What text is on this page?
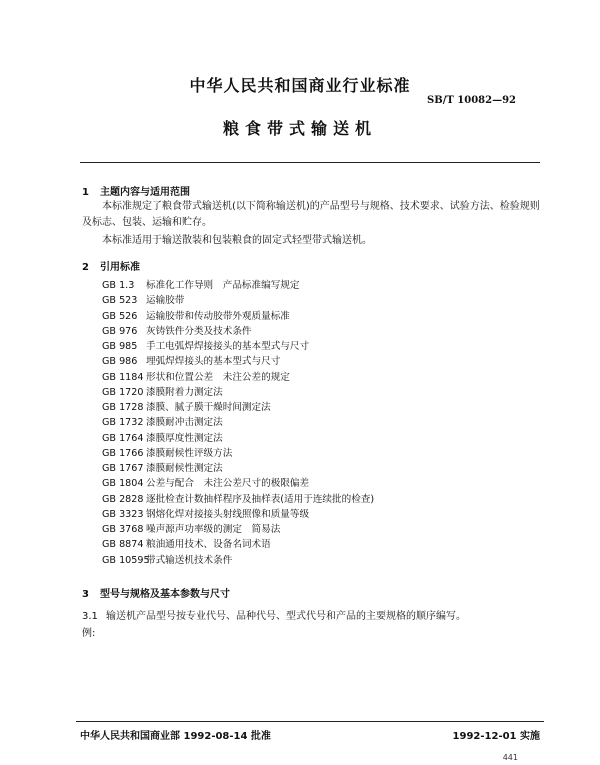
中华人民共和国商业行业标准
SB/T 10082—92
粮食带式输送机
1 主题内容与适用范围

本标准规定了粮食带式输送机(以下简称输送机)的产品型号与规格、技术要求、试验方法、检验规则及标志、包装、运输和贮存。

本标准适用于输送散装和包装粮食的固定式轻型带式输送机。

2 引用标准
GB 1.3 标准化工作导则　产品标准编写规定
GB 523 运输胶带
GB 526 运输胶带和传动胶带外观质量标准
GB 976 灰铸铁件分类及技术条件
GB 985 手工电弧焊焊接接头的基本型式与尺寸
GB 986 埋弧焊焊接头的基本型式与尺寸
GB 1184 形状和位置公差　未注公差的规定
GB 1720 漆膜附着力测定法
GB 1728 漆膜、腻子膜干燥时间测定法
GB 1732 漆膜耐冲击测定法
GB 1764 漆膜厚度性测定法
GB 1766 漆膜耐候性评级方法
GB 1767 漆膜耐候性测定法
GB 1804 公差与配合　未注公差尺寸的极限偏差
GB 2828 逐批检查计数抽样程序及抽样表(适用于连续批的检查)
GB 3323 钢熔化焊对接接头射线照像和质量等级
GB 3768 噪声源声功率级的测定　简易法
GB 8874 粮油通用技术、设备名词术语
GB 10595带式输送机技术条件
3 型号与规格及基本参数与尺寸
3.1 输送机产品型号按专业代号、品种代号、型式代号和产品的主要规格的顺序编写。
例:
中华人民共和国商业部 1992-08-14 批准	1992-12-01 实施
441
